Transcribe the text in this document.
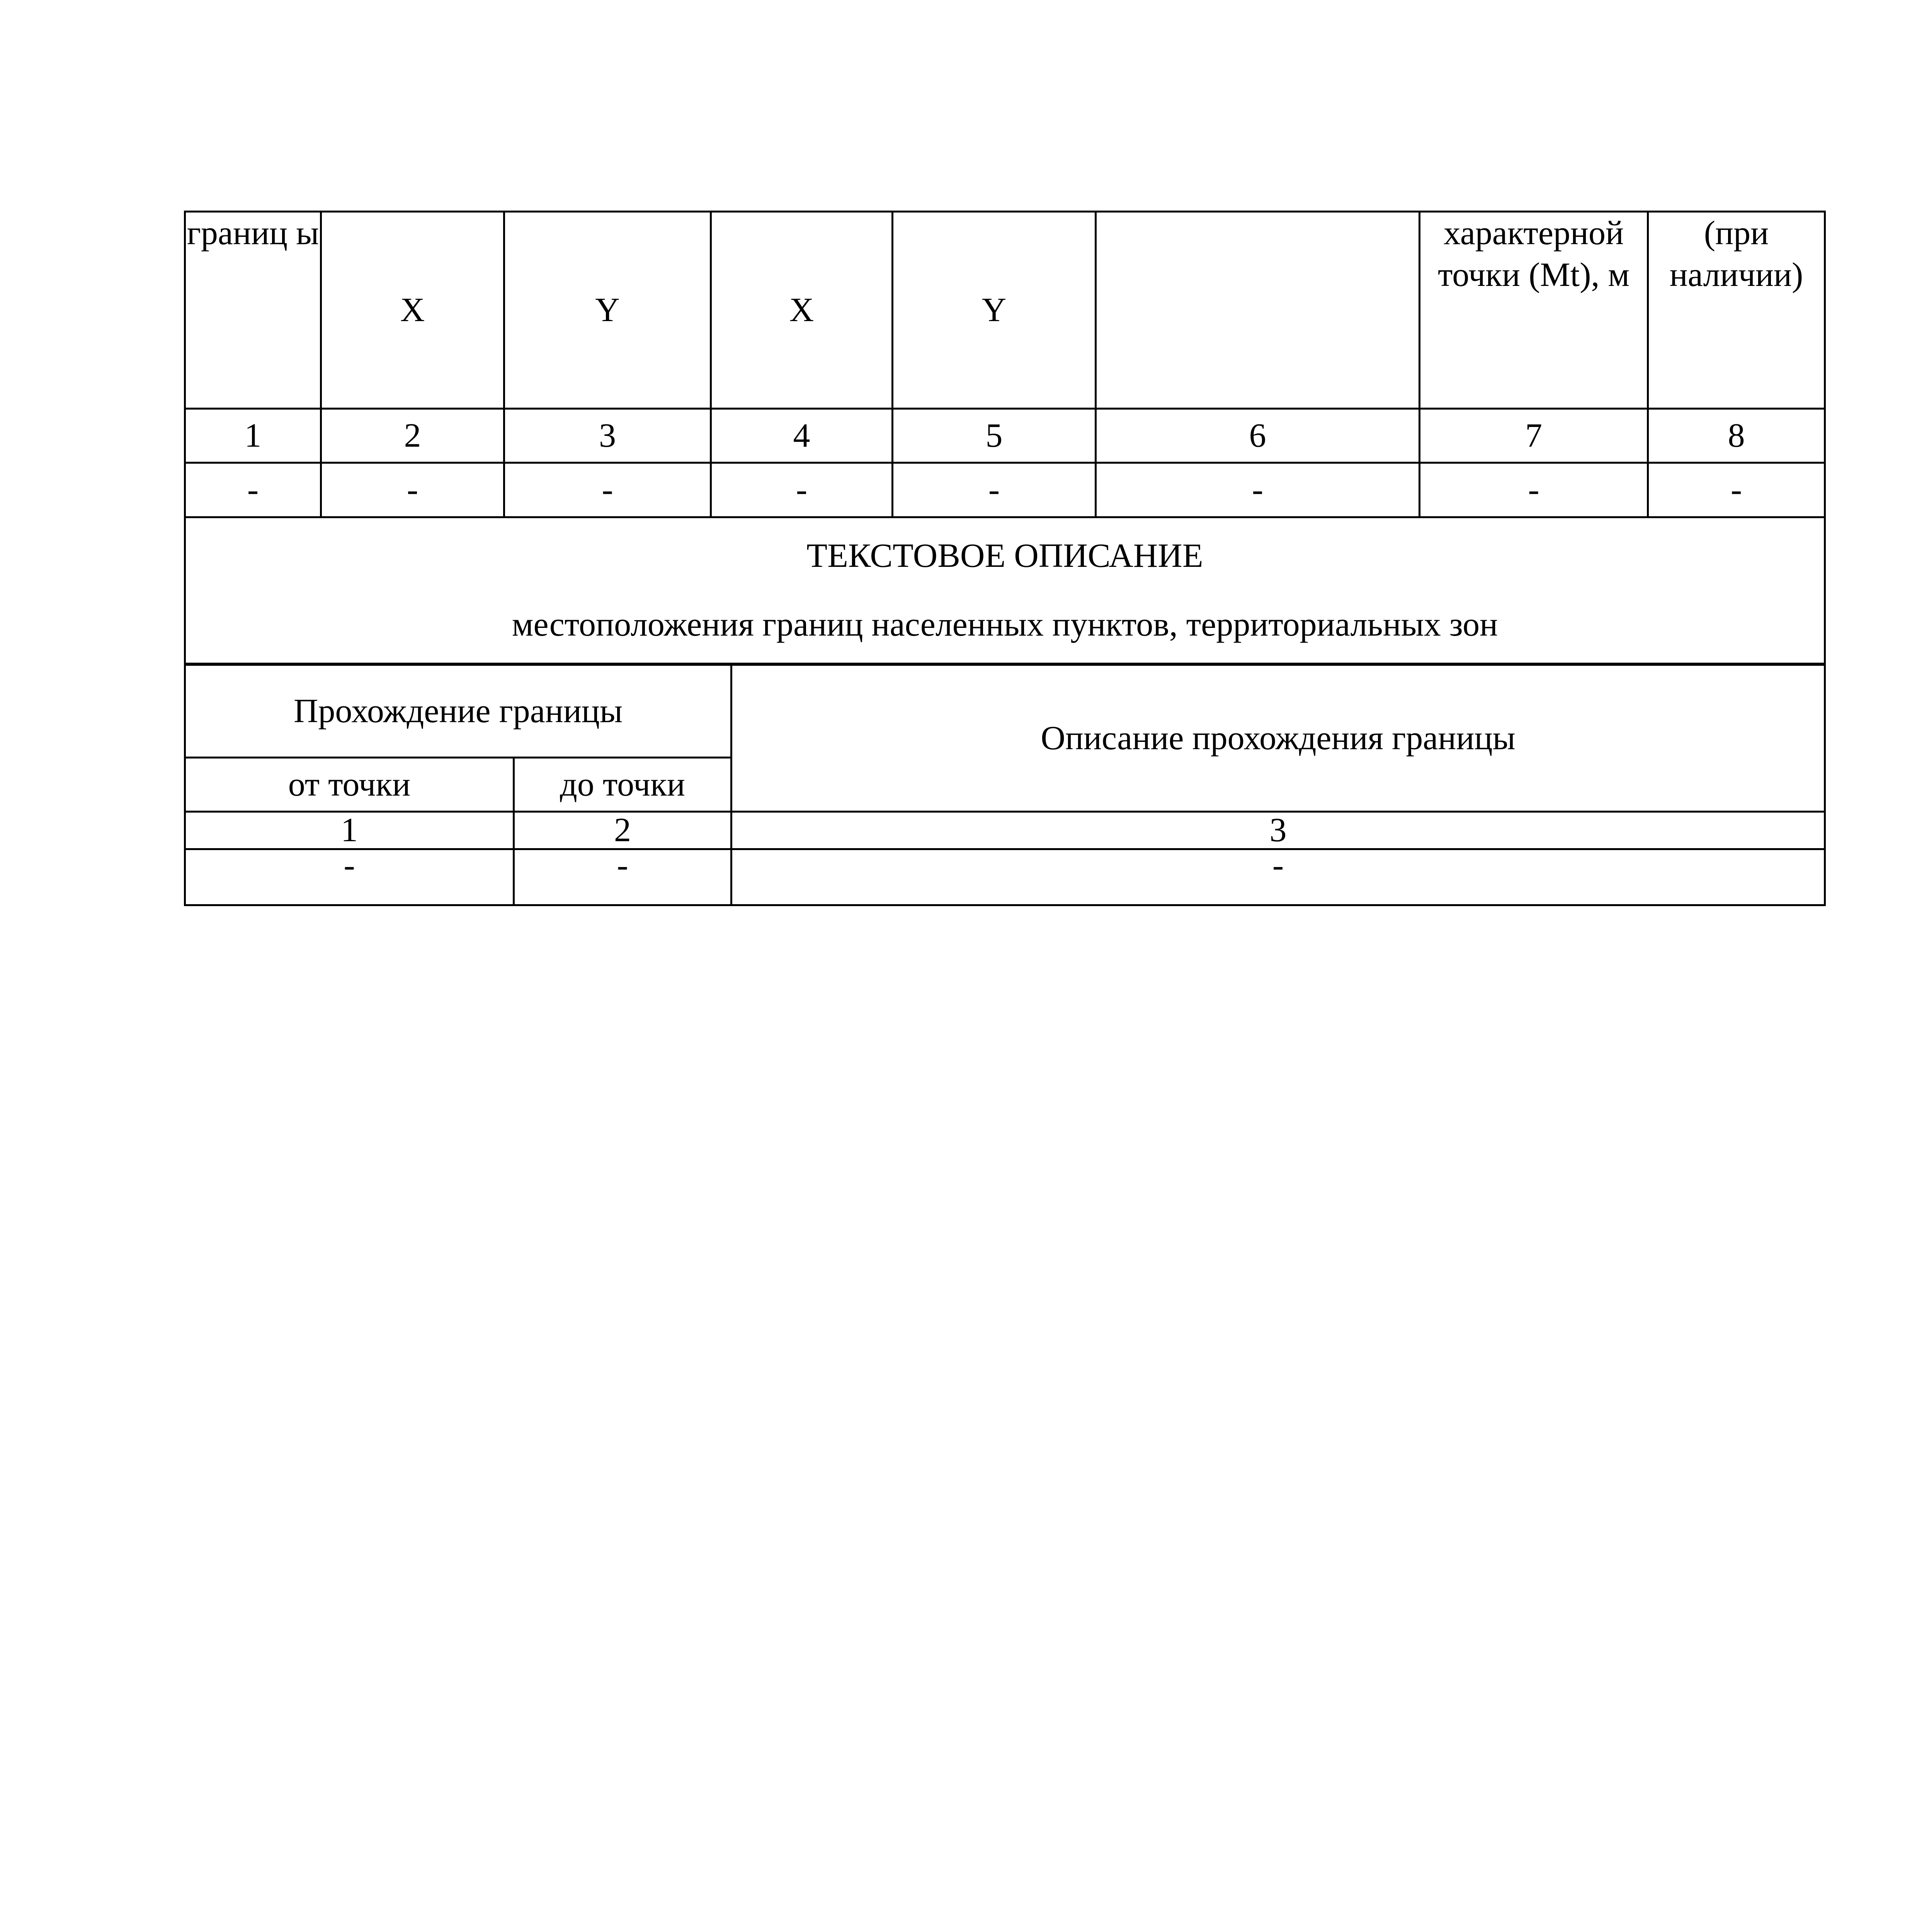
границ ы	X	Y	X	Y		характерной точки (Mt), м	(при наличии)

1	2	3	4	5	6	7	8
-	-	-	-	-	-	-	-

ТЕКСТОВОЕ ОПИСАНИЕ
местоположения границ населенных пунктов, территориальных зон							
Прохождение границы		Описание прохождения границы
от точки	до точки	
1	2	3
-	-	-
